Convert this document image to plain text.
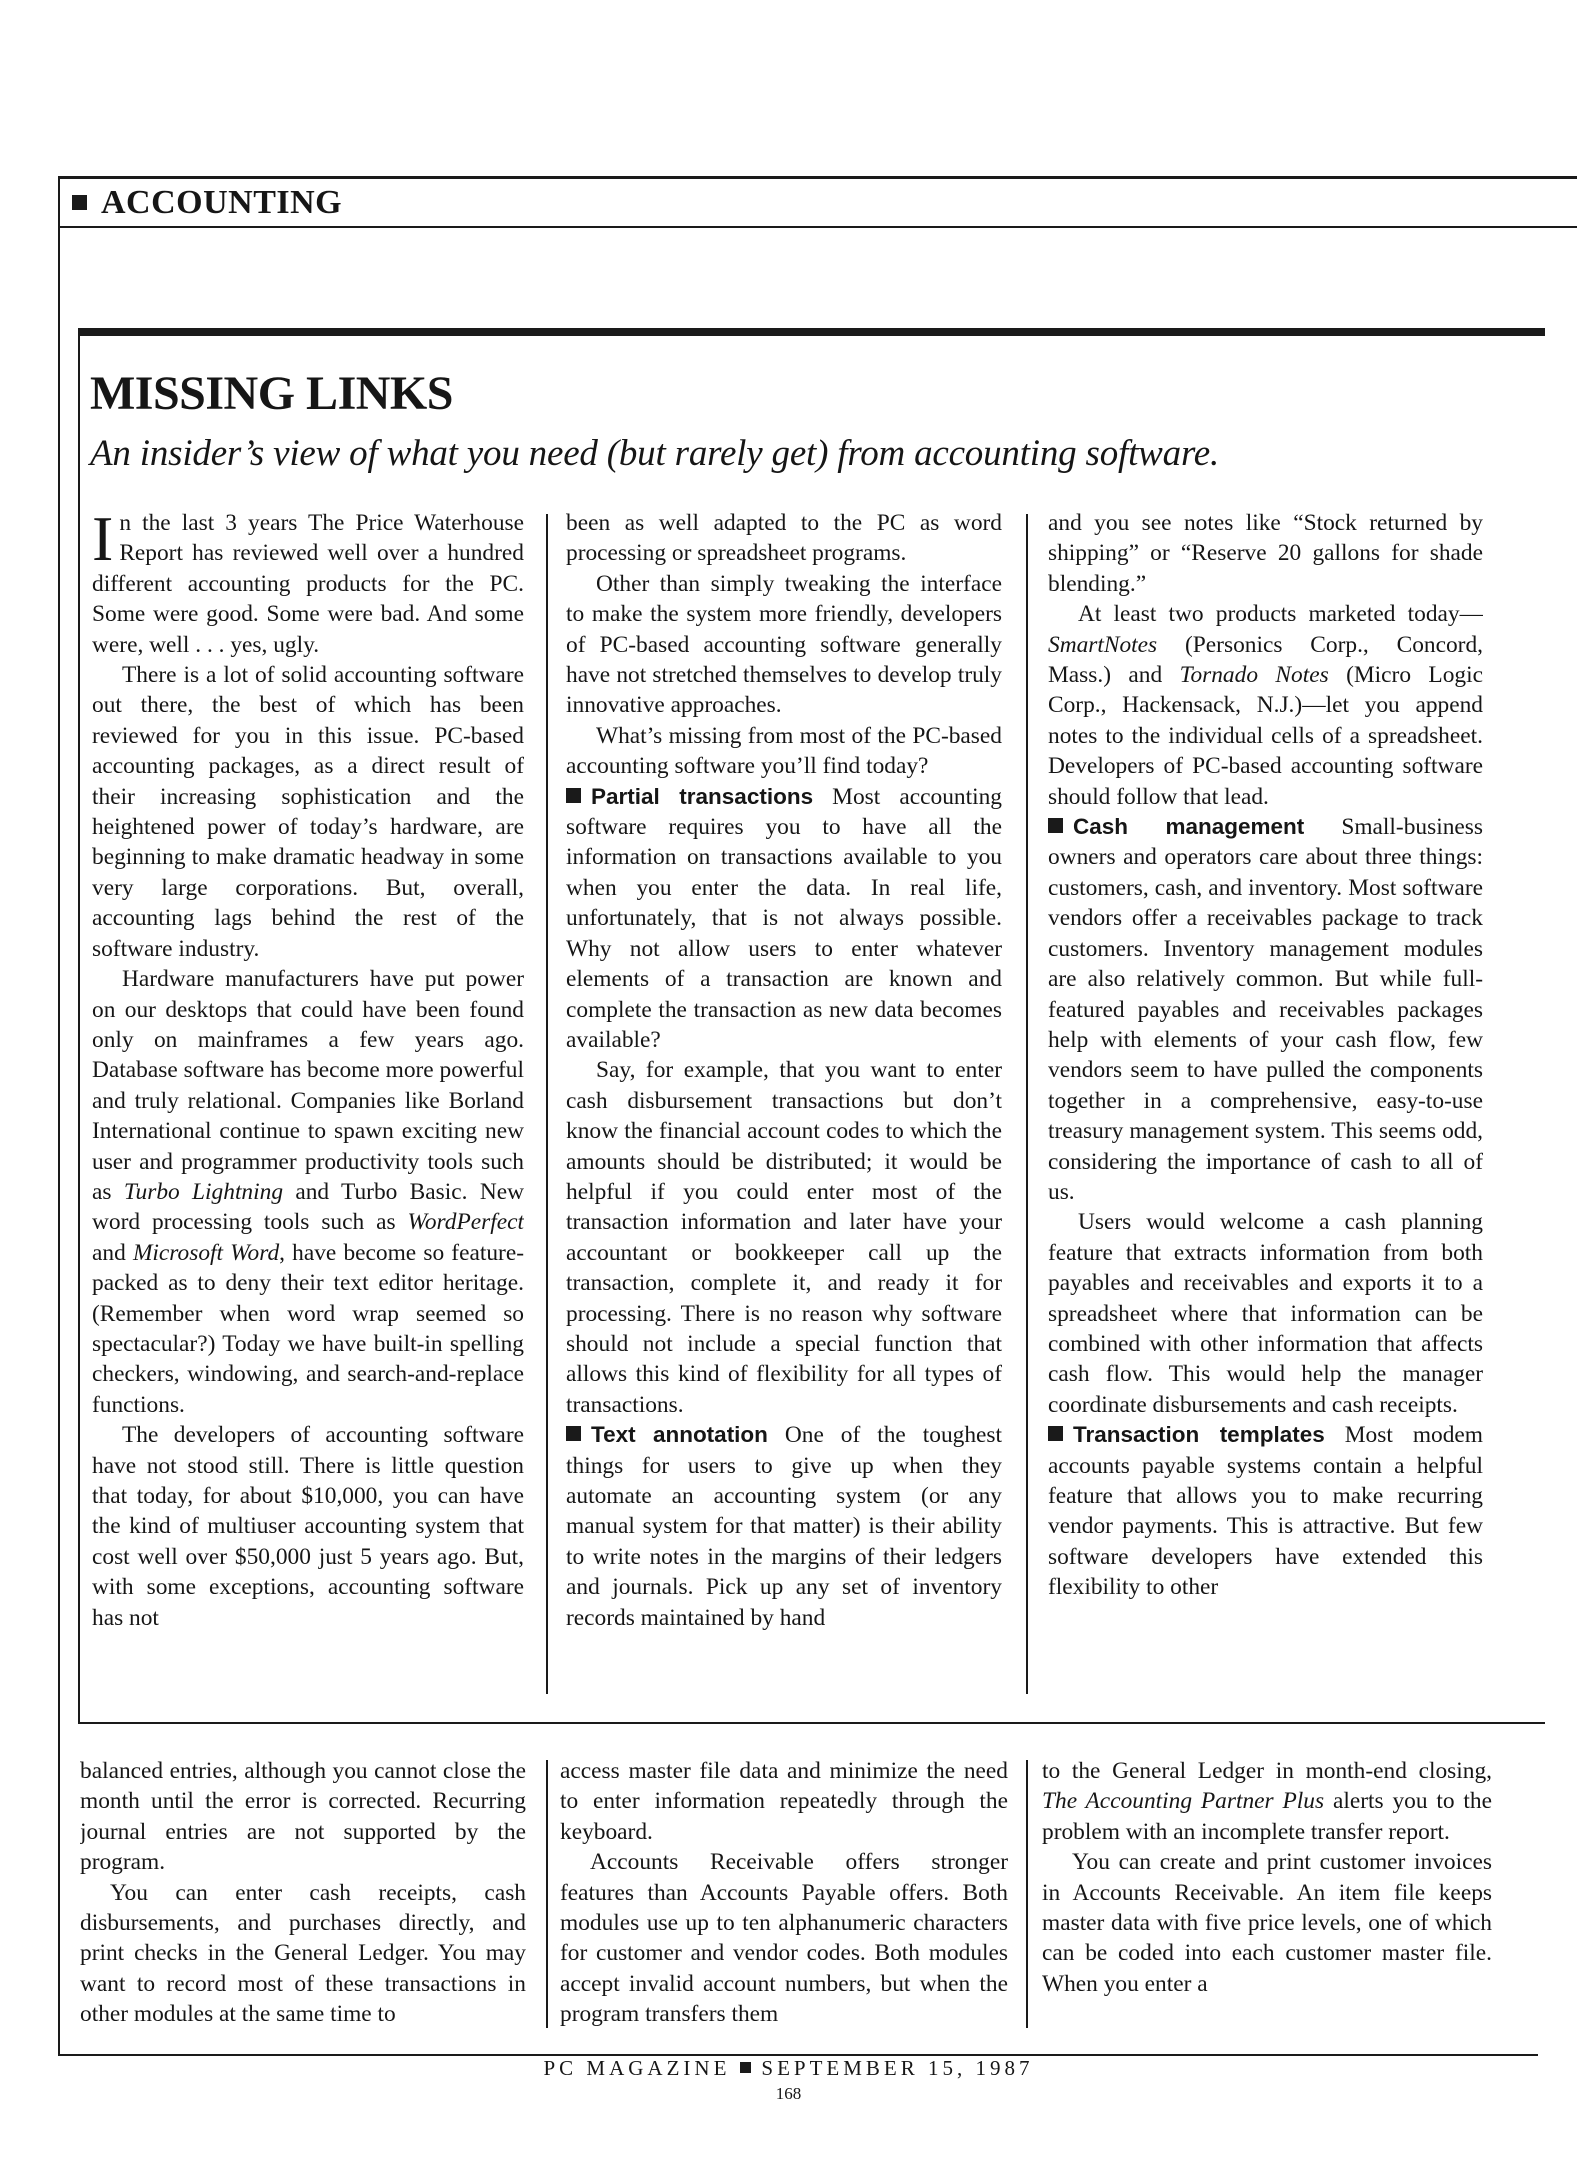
ACCOUNTING
MISSING LINKS
An insider’s view of what you need (but rarely get) from accounting software.

In the last 3 years The Price Waterhouse Report has reviewed well over a hundred different accounting products for the PC. Some were good. Some were bad. And some were, well . . . yes, ugly.

There is a lot of solid accounting software out there, the best of which has been reviewed for you in this issue. PC-based accounting packages, as a direct result of their increasing sophistication and the heightened power of today’s hardware, are beginning to make dramatic headway in some very large corporations. But, overall, accounting lags behind the rest of the software industry.

Hardware manufacturers have put power on our desktops that could have been found only on mainframes a few years ago. Database software has become more powerful and truly relational. Companies like Borland International continue to spawn exciting new user and programmer productivity tools such as Turbo Lightning and Turbo Basic. New word processing tools such as WordPerfect and Microsoft Word, have become so feature-packed as to deny their text editor heritage. (Remember when word wrap seemed so spectacular?) Today we have built-in spelling checkers, windowing, and search-and-replace functions.

The developers of accounting software have not stood still. There is little question that today, for about $10,000, you can have the kind of multiuser accounting system that cost well over $50,000 just 5 years ago. But, with some exceptions, accounting software has not

been as well adapted to the PC as word processing or spreadsheet programs.

Other than simply tweaking the interface to make the system more friendly, developers of PC-based accounting software generally have not stretched themselves to develop truly innovative approaches.

What’s missing from most of the PC-based accounting software you’ll find today?

Partial transactions Most accounting software requires you to have all the information on transactions available to you when you enter the data. In real life, unfortunately, that is not always possible. Why not allow users to enter whatever elements of a transaction are known and complete the transaction as new data becomes available?

Say, for example, that you want to enter cash disbursement transactions but don’t know the financial account codes to which the amounts should be distributed; it would be helpful if you could enter most of the transaction information and later have your accountant or bookkeeper call up the transaction, complete it, and ready it for processing. There is no reason why software should not include a special function that allows this kind of flexibility for all types of transactions.

Text annotation One of the toughest things for users to give up when they automate an accounting system (or any manual system for that matter) is their ability to write notes in the margins of their ledgers and journals. Pick up any set of inventory records maintained by hand

and you see notes like “Stock returned by shipping” or “Reserve 20 gallons for shade blending.”

At least two products marketed today—SmartNotes (Personics Corp., Concord, Mass.) and Tornado Notes (Micro Logic Corp., Hackensack, N.J.)—let you append notes to the individual cells of a spreadsheet. Developers of PC-based accounting software should follow that lead.

Cash management Small-business owners and operators care about three things: customers, cash, and inventory. Most software vendors offer a receivables package to track customers. Inventory management modules are also relatively common. But while full-featured payables and receivables packages help with elements of your cash flow, few vendors seem to have pulled the components together in a comprehensive, easy-to-use treasury management system. This seems odd, considering the importance of cash to all of us.

Users would welcome a cash planning feature that extracts information from both payables and receivables and exports it to a spreadsheet where that information can be combined with other information that affects cash flow. This would help the manager coordinate disbursements and cash receipts.

Transaction templates Most modem accounts payable systems contain a helpful feature that allows you to make recurring vendor payments. This is attractive. But few software developers have extended this flexibility to other

balanced entries, although you cannot close the month until the error is corrected. Recurring journal entries are not supported by the program.

You can enter cash receipts, cash disbursements, and purchases directly, and print checks in the General Ledger. You may want to record most of these transactions in other modules at the same time to

access master file data and minimize the need to enter information repeatedly through the keyboard.

Accounts Receivable offers stronger features than Accounts Payable offers. Both modules use up to ten alphanumeric characters for customer and vendor codes. Both modules accept invalid account numbers, but when the program transfers them

to the General Ledger in month-end closing, The Accounting Partner Plus alerts you to the problem with an incomplete transfer report.

You can create and print customer invoices in Accounts Receivable. An item file keeps master data with five price levels, one of which can be coded into each customer master file. When you enter a

PC MAGAZINE SEPTEMBER 15, 1987
168
